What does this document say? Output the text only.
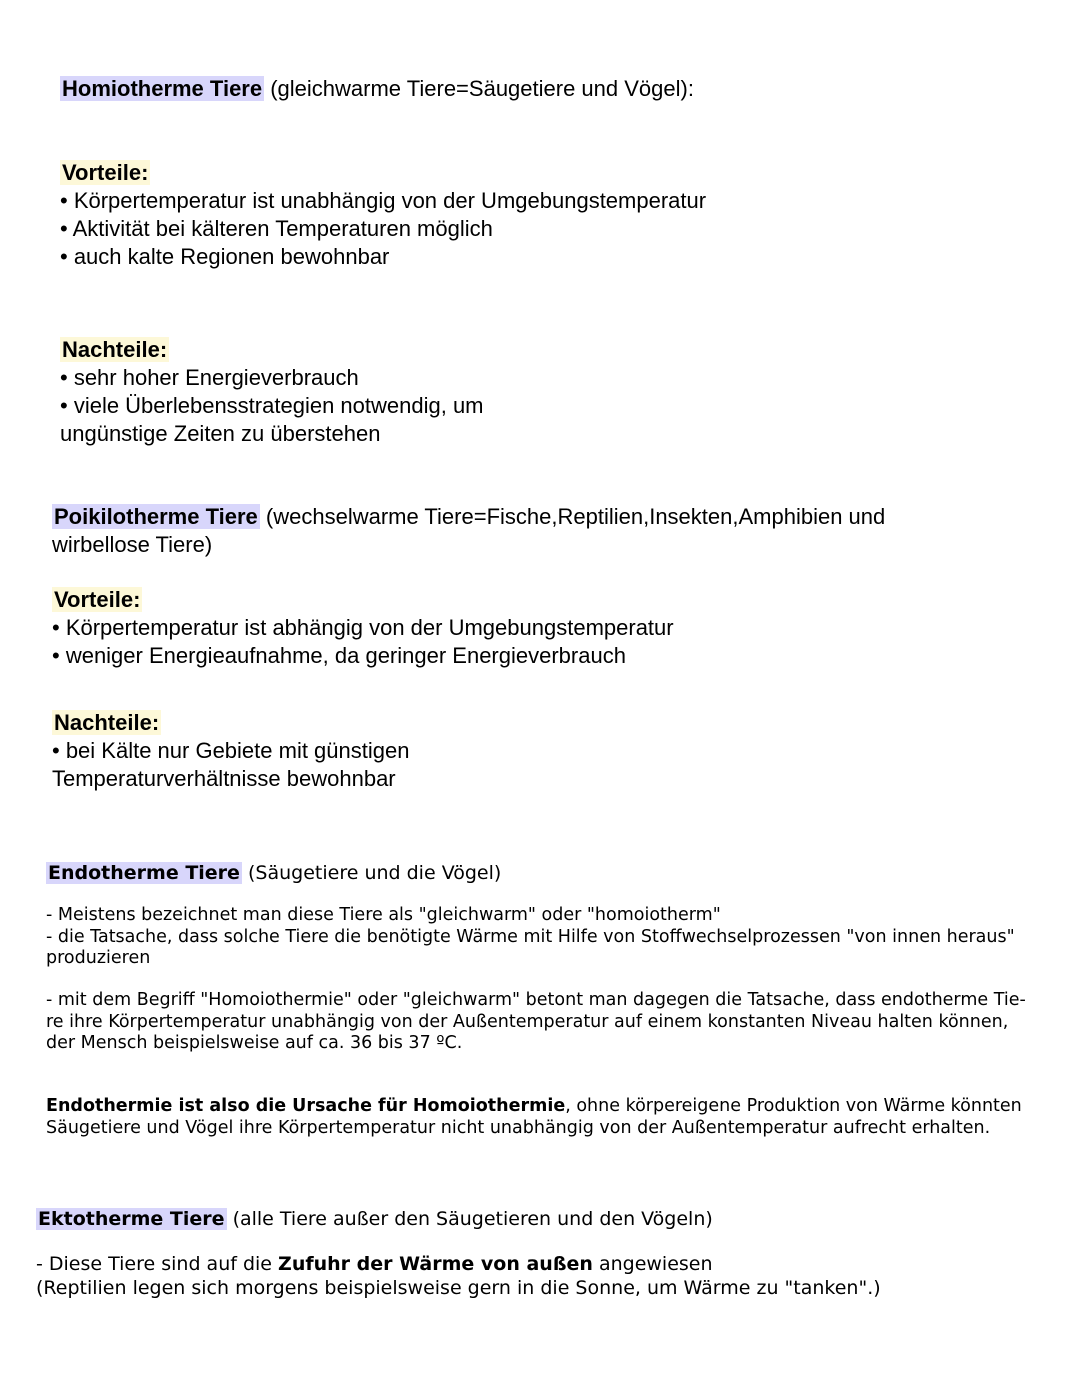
Homiotherme Tiere (gleichwarme Tiere=Säugetiere und Vögel):
Vorteile:
• Körpertemperatur ist unabhängig von der Umgebungstemperatur
• Aktivität bei kälteren Temperaturen möglich
• auch kalte Regionen bewohnbar
Nachteile:
• sehr hoher Energieverbrauch
• viele Überlebensstrategien notwendig, um
ungünstige Zeiten zu überstehen
Poikilotherme Tiere (wechselwarme Tiere=Fische,Reptilien,Insekten,Amphibien und
wirbellose Tiere)
Vorteile:
• Körpertemperatur ist abhängig von der Umgebungstemperatur
• weniger Energieaufnahme, da geringer Energieverbrauch
Nachteile:
• bei Kälte nur Gebiete mit günstigen
Temperaturverhältnisse bewohnbar
Endotherme Tiere (Säugetiere und die Vögel)
- Meistens bezeichnet man diese Tiere als "gleichwarm" oder "homoiotherm"
- die Tatsache, dass solche Tiere die benötigte Wärme mit Hilfe von Stoffwechselprozessen "von innen heraus"
produzieren
- mit dem Begriff "Homoiothermie" oder "gleichwarm" betont man dagegen die Tatsache, dass endotherme Tie-
re ihre Körpertemperatur unabhängig von der Außentemperatur auf einem konstanten Niveau halten können,
der Mensch beispielsweise auf ca. 36 bis 37 ºC.
Endothermie ist also die Ursache für Homoiothermie, ohne körpereigene Produktion von Wärme könnten
Säugetiere und Vögel ihre Körpertemperatur nicht unabhängig von der Außentemperatur aufrecht erhalten.
Ektotherme Tiere (alle Tiere außer den Säugetieren und den Vögeln)
- Diese Tiere sind auf die Zufuhr der Wärme von außen angewiesen
(Reptilien legen sich morgens beispielsweise gern in die Sonne, um Wärme zu "tanken".)
